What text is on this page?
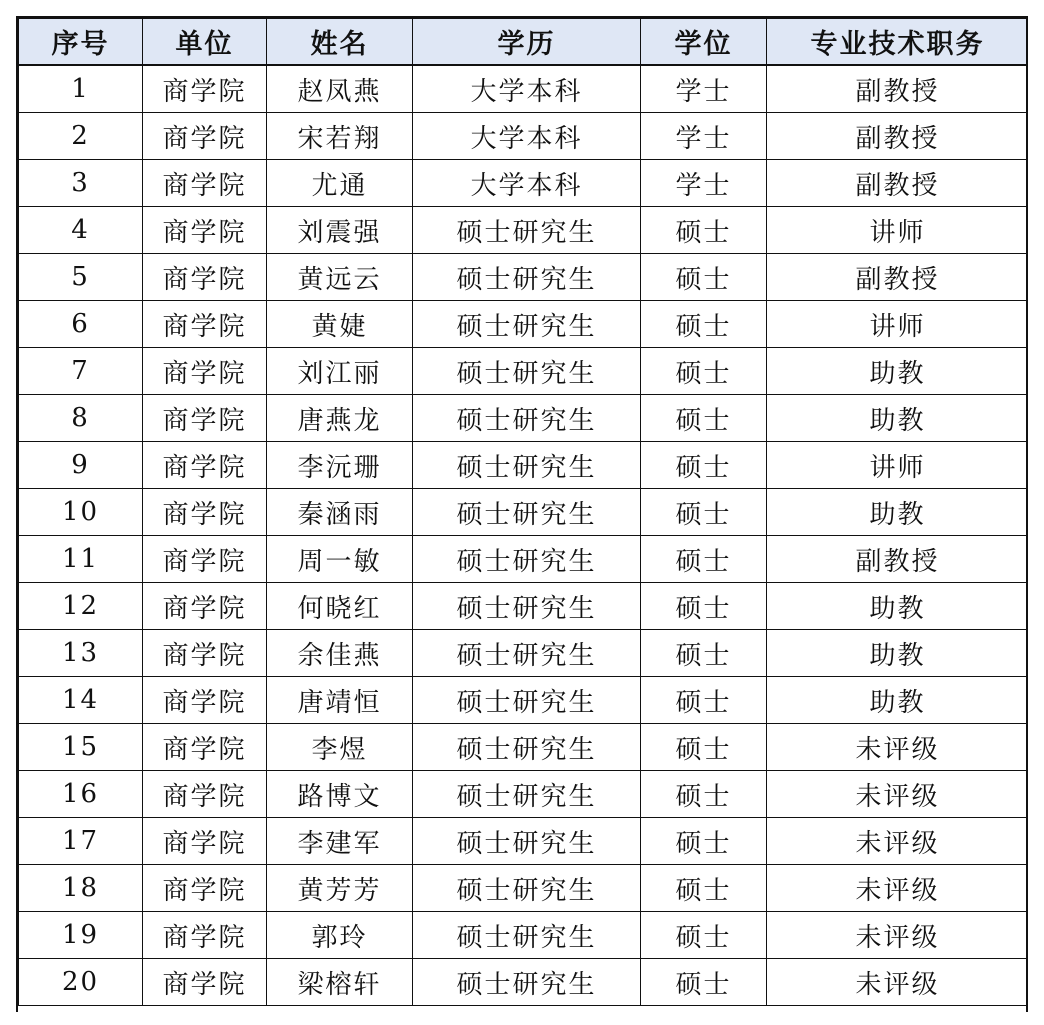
序号	单位	姓名	学历	学位	专业技术职务
1	商学院	赵凤燕	大学本科	学士	副教授
2	商学院	宋若翔	大学本科	学士	副教授
3	商学院	尤通	大学本科	学士	副教授
4	商学院	刘震强	硕士研究生	硕士	讲师
5	商学院	黄远云	硕士研究生	硕士	副教授
6	商学院	黄婕	硕士研究生	硕士	讲师
7	商学院	刘江丽	硕士研究生	硕士	助教
8	商学院	唐燕龙	硕士研究生	硕士	助教
9	商学院	李沅珊	硕士研究生	硕士	讲师
10	商学院	秦涵雨	硕士研究生	硕士	助教
11	商学院	周一敏	硕士研究生	硕士	副教授
12	商学院	何晓红	硕士研究生	硕士	助教
13	商学院	余佳燕	硕士研究生	硕士	助教
14	商学院	唐靖恒	硕士研究生	硕士	助教
15	商学院	李煜	硕士研究生	硕士	未评级
16	商学院	路博文	硕士研究生	硕士	未评级
17	商学院	李建军	硕士研究生	硕士	未评级
18	商学院	黄芳芳	硕士研究生	硕士	未评级
19	商学院	郭玲	硕士研究生	硕士	未评级
20	商学院	梁榕轩	硕士研究生	硕士	未评级
